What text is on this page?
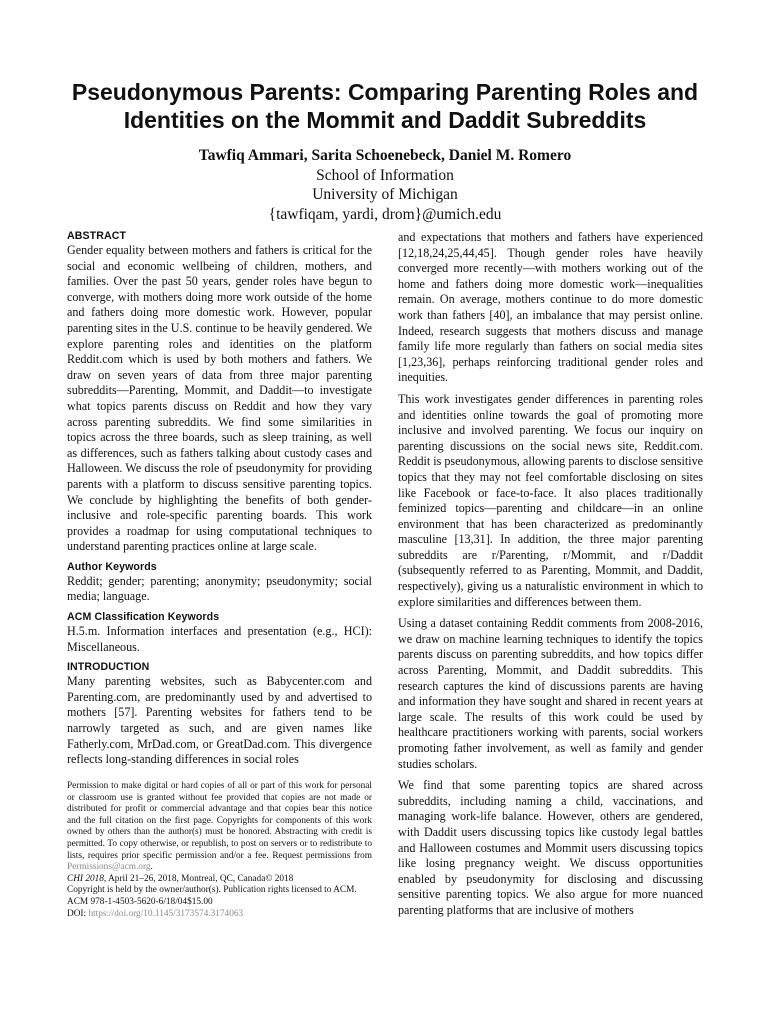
Pseudonymous Parents: Comparing Parenting Roles and Identities on the Mommit and Daddit Subreddits
Tawfiq Ammari, Sarita Schoenebeck, Daniel M. Romero
School of Information
University of Michigan
{tawfiqam, yardi, drom}@umich.edu
ABSTRACT

Gender equality between mothers and fathers is critical for the social and economic wellbeing of children, mothers, and families. Over the past 50 years, gender roles have begun to converge, with mothers doing more work outside of the home and fathers doing more domestic work. However, popular parenting sites in the U.S. continue to be heavily gendered. We explore parenting roles and identities on the platform Reddit.com which is used by both mothers and fathers. We draw on seven years of data from three major parenting subreddits—Parenting, Mommit, and Daddit—to investigate what topics parents discuss on Reddit and how they vary across parenting subreddits. We find some similarities in topics across the three boards, such as sleep training, as well as differences, such as fathers talking about custody cases and Halloween. We discuss the role of pseudonymity for providing parents with a platform to discuss sensitive parenting topics. We conclude by highlighting the benefits of both gender-inclusive and role-specific parenting boards. This work provides a roadmap for using computational techniques to understand parenting practices online at large scale.

Author Keywords

Reddit; gender; parenting; anonymity; pseudonymity; social media; language.

ACM Classification Keywords

H.5.m. Information interfaces and presentation (e.g., HCI): Miscellaneous.

INTRODUCTION

Many parenting websites, such as Babycenter.com and Parenting.com, are predominantly used by and advertised to mothers [57]. Parenting websites for fathers tend to be narrowly targeted as such, and are given names like Fatherly.com, MrDad.com, or GreatDad.com. This divergence reflects long-standing differences in social roles

Permission to make digital or hard copies of all or part of this work for personal or classroom use is granted without fee provided that copies are not made or distributed for profit or commercial advantage and that copies bear this notice and the full citation on the first page. Copyrights for components of this work owned by others than the author(s) must be honored. Abstracting with credit is permitted. To copy otherwise, or republish, to post on servers or to redistribute to lists, requires prior specific permission and/or a fee. Request permissions from Permissions@acm.org.

CHI 2018, April 21–26, 2018, Montreal, QC, Canada© 2018

Copyright is held by the owner/author(s). Publication rights licensed to ACM.

ACM 978-1-4503-5620-6/18/04$15.00

DOI: https://doi.org/10.1145/3173574.3174063

and expectations that mothers and fathers have experienced [12,18,24,25,44,45]. Though gender roles have heavily converged more recently—with mothers working out of the home and fathers doing more domestic work—inequalities remain. On average, mothers continue to do more domestic work than fathers [40], an imbalance that may persist online. Indeed, research suggests that mothers discuss and manage family life more regularly than fathers on social media sites [1,23,36], perhaps reinforcing traditional gender roles and inequities.

This work investigates gender differences in parenting roles and identities online towards the goal of promoting more inclusive and involved parenting. We focus our inquiry on parenting discussions on the social news site, Reddit.com. Reddit is pseudonymous, allowing parents to disclose sensitive topics that they may not feel comfortable disclosing on sites like Facebook or face-to-face. It also places traditionally feminized topics—parenting and childcare—in an online environment that has been characterized as predominantly masculine [13,31]. In addition, the three major parenting subreddits are r/Parenting, r/Mommit, and r/Daddit (subsequently referred to as Parenting, Mommit, and Daddit, respectively), giving us a naturalistic environment in which to explore similarities and differences between them.

Using a dataset containing Reddit comments from 2008-2016, we draw on machine learning techniques to identify the topics parents discuss on parenting subreddits, and how topics differ across Parenting, Mommit, and Daddit subreddits. This research captures the kind of discussions parents are having and information they have sought and shared in recent years at large scale. The results of this work could be used by healthcare practitioners working with parents, social workers promoting father involvement, as well as family and gender studies scholars.

We find that some parenting topics are shared across subreddits, including naming a child, vaccinations, and managing work-life balance. However, others are gendered, with Daddit users discussing topics like custody legal battles and Halloween costumes and Mommit users discussing topics like losing pregnancy weight. We discuss opportunities enabled by pseudonymity for disclosing and discussing sensitive parenting topics. We also argue for more nuanced parenting platforms that are inclusive of mothers
